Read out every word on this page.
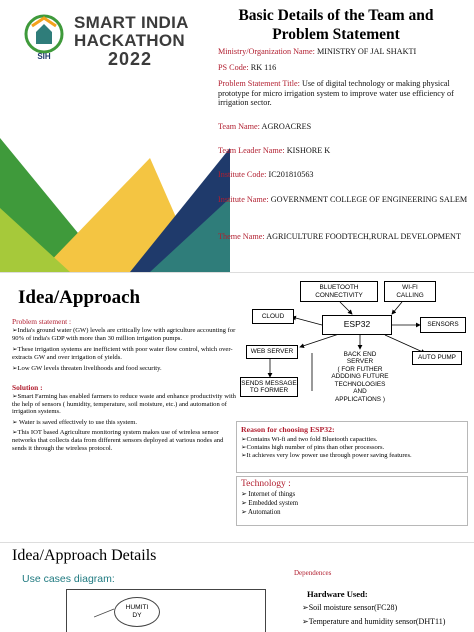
SIH
SMART INDIA
HACKATHON
2022
Basic Details of the Team and
Problem Statement
Ministry/Organization Name: MINISTRY OF JAL SHAKTI
PS Code: RK 116
Problem Statement Title: Use of digital technology or making physical prototype for micro irrigation system to improve water use efficiency of irrigation sector.
Team Name: AGROACRES
Team Leader Name: KISHORE K
Institute Code: IC201810563
Institute Name: GOVERNMENT COLLEGE OF ENGINEERING SALEM
Theme Name: AGRICULTURE FOODTECH,RURAL DEVELOPMENT
Idea/Approach
Problem statement :

➢India's ground water (GW) levels are critically low with agriculture accounting for 90% of india's GDP with more than 30 million irrigation pumps.

➢These irrigation systems are inefficient with poor water flow control, which over-extracts GW and over irrigation of yields.

➢Low GW levels threaten livelihoods and food security.

Solution :

➢Smart Farming has enabled farmers to reduce waste and enhance productivity with the help of sensors ( humidity, temperature, soil moisture, etc.) and automation of irrigation systems.

➢ Water is saved effectively to use this system.

➢This IOT based Agriculture monitoring system makes use of wireless sensor networks that collects data from different sensors deployed at various nodes and sends it through the wireless protocol.

BLUETOOTH
CONNECTIVITY
WI-FI
CALLING
CLOUD
ESP32	SENSORS
WEB SERVER	BACK END
SERVER
( FOR FUTHER
ADDDING FUTURE
TECHNOLOGIES
AND
APPLICATIONS )
AUTO PUMP
SENDS MESSAGE
TO FORMER
Reason for choosing ESP32:
➢Contains Wi-fi and two fold Bluetooth capacities.
➢Contains high number of pins than other processors.
➢It achieves very low power use through power saving features.
Technology :
➢ Internet of things
➢ Embedded system
➢ Automation
Idea/Approach Details
Use cases diagram:	Dependences
HUMITI
DY
Hardware Used:
➢Soil moisture sensor(FC28)
➢Temperature and humidity sensor(DHT11)
